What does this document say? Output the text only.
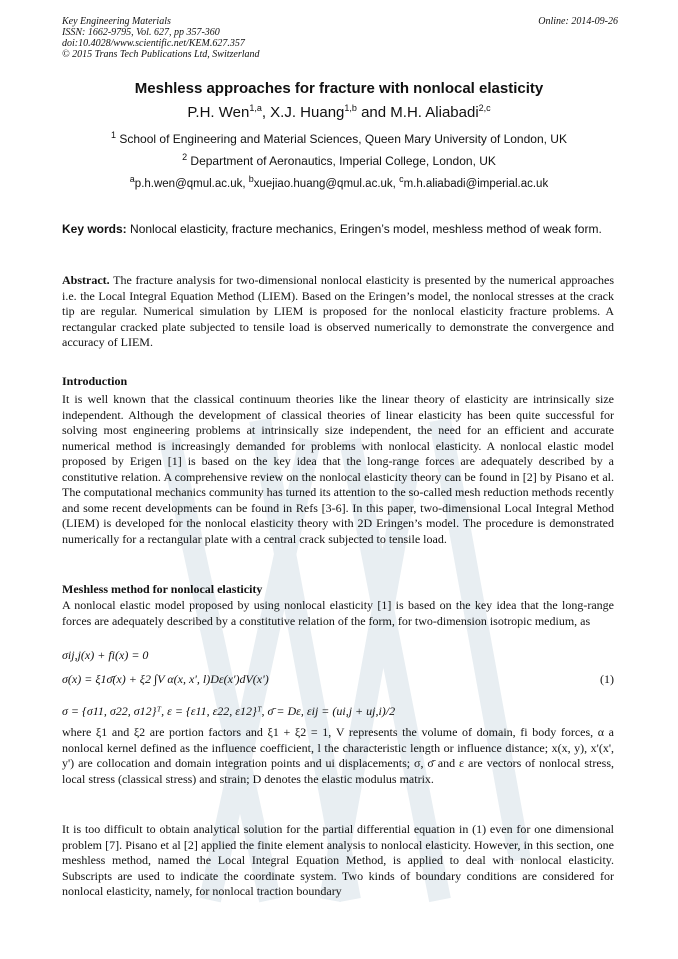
Key Engineering Materials
ISSN: 1662-9795, Vol. 627, pp 357-360
doi:10.4028/www.scientific.net/KEM.627.357
© 2015 Trans Tech Publications Ltd, Switzerland
Online: 2014-09-26
Meshless approaches for fracture with nonlocal elasticity
P.H. Wen$^{1,a}$, X.J. Huang$^{1,b}$ and M.H. Aliabadi$^{2,c}$
$^1$ School of Engineering and Material Sciences, Queen Mary University of London, UK
$^2$ Department of Aeronautics, Imperial College, London, UK
$^a$p.h.wen@qmul.ac.uk, $^b$xuejiao.huang@qmul.ac.uk, $^c$m.h.aliabadi@imperial.ac.uk
Key words: Nonlocal elasticity, fracture mechanics, Eringen’s model, meshless method of weak form.
Abstract. The fracture analysis for two-dimensional nonlocal elasticity is presented by the numerical approaches i.e. the Local Integral Equation Method (LIEM). Based on the Eringen’s model, the nonlocal stresses at the crack tip are regular. Numerical simulation by LIEM is proposed for the nonlocal elasticity fracture problems. A rectangular cracked plate subjected to tensile load is observed numerically to demonstrate the convergence and accuracy of LIEM.
Introduction
It is well known that the classical continuum theories like the linear theory of elasticity are intrinsically size independent. Although the development of classical theories of linear elasticity has been quite successful for solving most engineering problems at intrinsically size independent, the need for an efficient and accurate numerical method is increasingly demanded for problems with nonlocal elasticity. A nonlocal elastic model proposed by Erigen [1] is based on the key idea that the long-range forces are adequately described by a constitutive relation. A comprehensive review on the nonlocal elasticity theory can be found in [2] by Pisano et al. The computational mechanics community has turned its attention to the so-called mesh reduction methods recently and some recent developments can be found in Refs [3-6]. In this paper, two-dimensional Local Integral Method (LIEM) is developed for the nonlocal elasticity theory with 2D Eringen’s model. The procedure is demonstrated numerically for a rectangular plate with a central crack subjected to tensile load.
Meshless method for nonlocal elasticity
A nonlocal elastic model proposed by using nonlocal elasticity [1] is based on the key idea that the long-range forces are adequately described by a constitutive relation of the form, for two-dimension isotropic medium, as
σij,j(x) + fi(x) = 0
σ(x) = ξ1σ̄(x) + ξ2 ∫V α(x, x', l)Dε(x')dV(x')	(1)
σ = {σ11, σ22, σ12}ᵀ, ε = {ε11, ε22, ε12}ᵀ, σ̄ = Dε, εij = (ui,j + uj,i)/2
where ξ1 and ξ2 are portion factors and ξ1 + ξ2 = 1, V represents the volume of domain, fi body forces, α a nonlocal kernel defined as the influence coefficient, l the characteristic length or influence distance; x(x, y), x'(x', y') are collocation and domain integration points and ui displacements; σ, σ̄ and ε are vectors of nonlocal stress, local stress (classical stress) and strain; D denotes the elastic modulus matrix.
It is too difficult to obtain analytical solution for the partial differential equation in (1) even for one dimensional problem [7]. Pisano et al [2] applied the finite element analysis to nonlocal elasticity. However, in this section, one meshless method, named the Local Integral Equation Method, is applied to deal with nonlocal elasticity. Subscripts are used to indicate the coordinate system. Two kinds of boundary conditions are considered for nonlocal elasticity, namely, for nonlocal traction boundary
